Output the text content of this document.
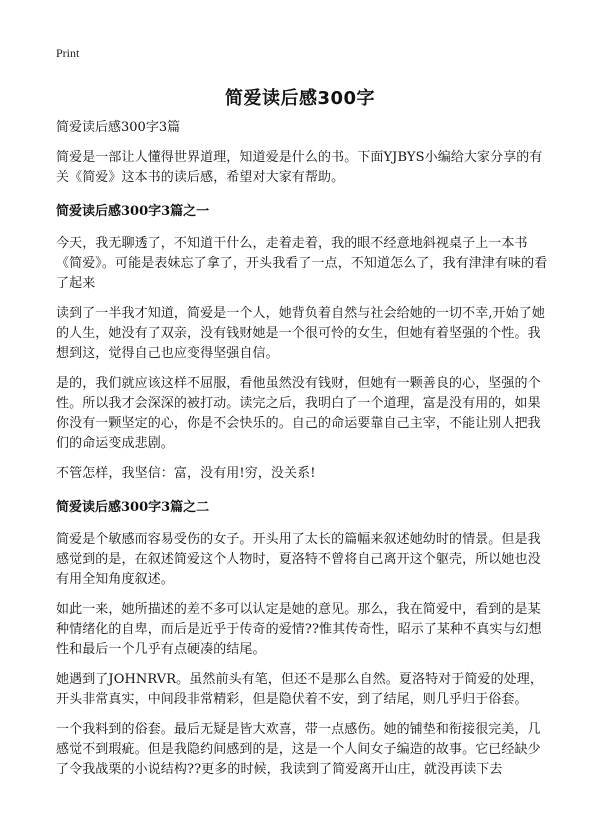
Print
简爱读后感300字

简爱读后感300字3篇

简爱是一部让人懂得世界道理，知道爱是什么的书。下面YJBYS小编给大家分享的有关《简爱》这本书的读后感，希望对大家有帮助。

简爱读后感300字3篇之一

今天，我无聊透了，不知道干什么，走着走着，我的眼不经意地斜视桌子上一本书《简爱》。可能是表妹忘了拿了，开头我看了一点，不知道怎么了，我有津津有味的看了起来

读到了一半我才知道，简爱是一个人，她背负着自然与社会给她的一切不幸,开始了她的人生，她没有了双亲，没有钱财她是一个很可怜的女生，但她有着坚强的个性。我想到这，觉得自己也应变得坚强自信。

是的，我们就应该这样不屈服，看他虽然没有钱财，但她有一颗善良的心，坚强的个性。所以我才会深深的被打动。读完之后，我明白了一个道理，富是没有用的，如果你没有一颗坚定的心，你是不会快乐的。自己的命运要靠自己主宰，不能让别人把我们的命运变成悲剧。

不管怎样，我坚信：富，没有用!穷，没关系!

简爱读后感300字3篇之二

简爱是个敏感而容易受伤的女子。开头用了太长的篇幅来叙述她幼时的情景。但是我感觉到的是，在叙述简爱这个人物时，夏洛特不曾将自己离开这个躯壳，所以她也没有用全知角度叙述。

如此一来，她所描述的差不多可以认定是她的意见。那么，我在简爱中，看到的是某种情绪化的自卑，而后是近乎于传奇的爱情??惟其传奇性，昭示了某种不真实与幻想性和最后一个几乎有点硬凑的结尾。

她遇到了JOHNRVR。虽然前头有笔，但还不是那么自然。夏洛特对于简爱的处理，开头非常真实，中间段非常精彩，但是隐伏着不安，到了结尾，则几乎归于俗套。

一个我料到的俗套。最后无疑是皆大欢喜，带一点感伤。她的铺垫和衔接很完美，几感觉不到瑕疵。但是我隐约间感到的是，这是一个人间女子编造的故事。它已经缺少了令我战栗的小说结构??更多的时候，我读到了简爱离开山庄，就没再读下去
